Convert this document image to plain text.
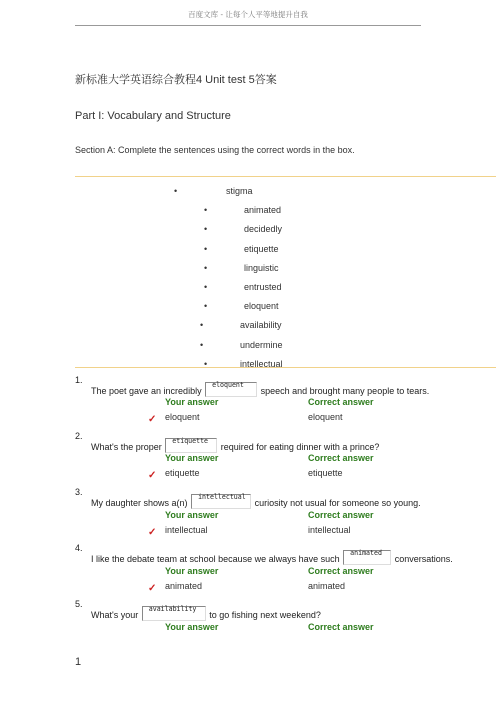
百度文库 - 让每个人平等地提升自我
新标准大学英语综合教程4 Unit test 5答案
Part I: Vocabulary and Structure
Section A: Complete the sentences using the correct words in the box.
•	stigma
•	animated
•	decidedly
•	etiquette
•	linguistic
•	entrusted
•	eloquent
•	availability
•	undermine
•	intellectual
1.
The poet gave an incredibly
eloquent
speech and brought many people to tears.
Your answer	Correct answer
✓ eloquent	eloquent
2.
What's the proper
etiquette
required for eating dinner with a prince?
Your answer	Correct answer
✓ etiquette	etiquette
3.
My daughter shows a(n)
intellectual
curiosity not usual for someone so young.
Your answer	Correct answer
✓ intellectual	intellectual
4.
I like the debate team at school because we always have such
animated
conversations.
Your answer	Correct answer
✓ animated	animated
5.
What's your
availability
to go fishing next weekend?
Your answer	Correct answer
1
